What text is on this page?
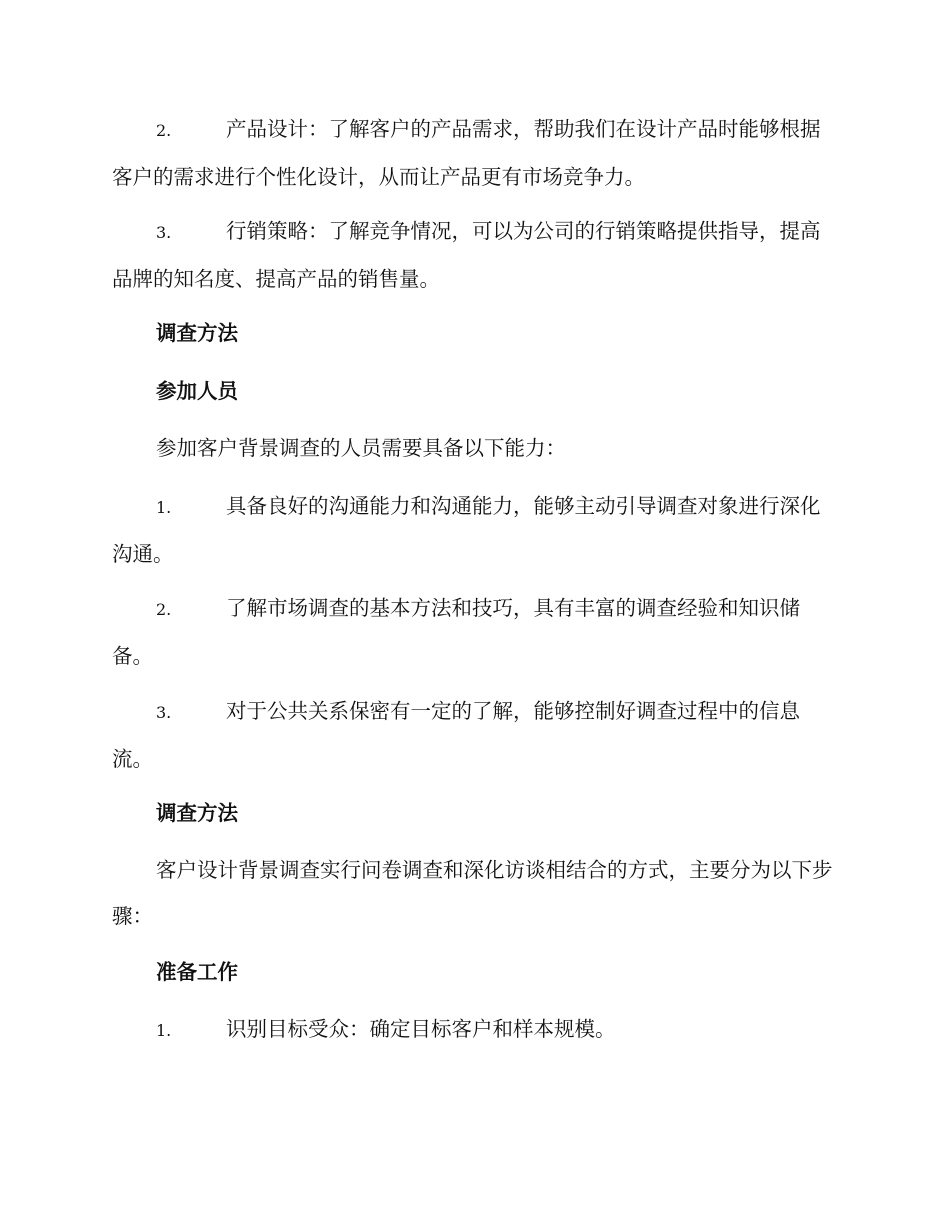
2.	产品设计：了解客户的产品需求，帮助我们在设计产品时能够根据客户的需求进行个性化设计，从而让产品更有市场竞争力。
3.	行销策略：了解竞争情况，可以为公司的行销策略提供指导，提高品牌的知名度、提高产品的销售量。
调查方法
参加人员
参加客户背景调查的人员需要具备以下能力：
1.	具备良好的沟通能力和沟通能力，能够主动引导调查对象进行深化沟通。
2.	了解市场调查的基本方法和技巧，具有丰富的调查经验和知识储备。
3.	对于公共关系保密有一定的了解，能够控制好调查过程中的信息流。
调查方法
客户设计背景调查实行问卷调查和深化访谈相结合的方式，主要分为以下步骤：
准备工作
1.	识别目标受众：确定目标客户和样本规模。
